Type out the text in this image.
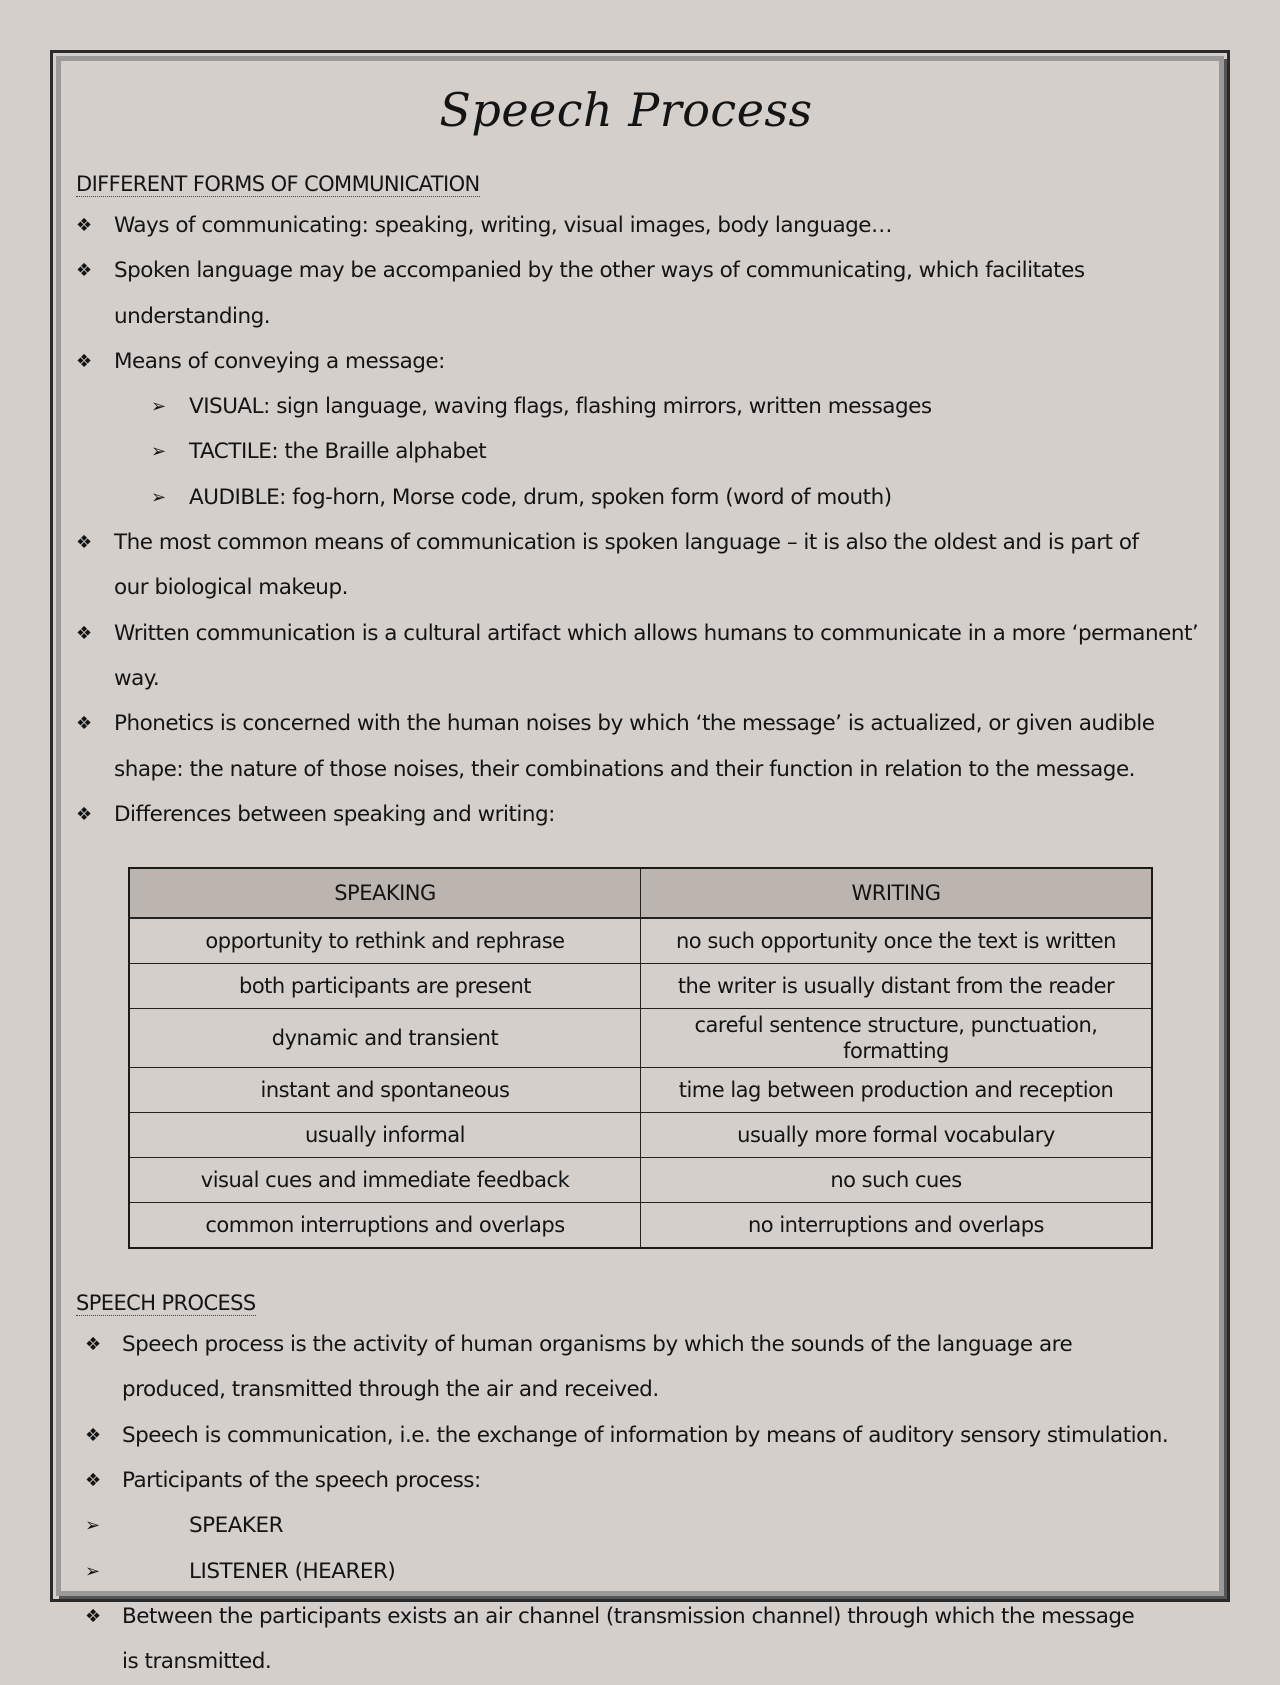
Speech Process
DIFFERENT FORMS OF COMMUNICATION
❖ Ways of communicating: speaking, writing, visual images, body language…
❖ Spoken language may be accompanied by the other ways of communicating, which facilitates understanding.
❖ Means of conveying a message:
➢ VISUAL: sign language, waving flags, flashing mirrors, written messages
➢ TACTILE: the Braille alphabet
➢ AUDIBLE: fog-horn, Morse code, drum, spoken form (word of mouth)
❖ The most common means of communication is spoken language – it is also the oldest and is part of our biological makeup.
❖ Written communication is a cultural artifact which allows humans to communicate in a more ‘permanent’ way.
❖ Phonetics is concerned with the human noises by which ‘the message’ is actualized, or given audible shape: the nature of those noises, their combinations and their function in relation to the message.
❖ Differences between speaking and writing:
SPEAKING	WRITING
opportunity to rethink and rephrase	no such opportunity once the text is written
both participants are present	the writer is usually distant from the reader
dynamic and transient	careful sentence structure, punctuation, formatting
instant and spontaneous	time lag between production and reception
usually informal	usually more formal vocabulary
visual cues and immediate feedback	no such cues
common interruptions and overlaps	no interruptions and overlaps
SPEECH PROCESS
❖ Speech process is the activity of human organisms by which the sounds of the language are produced, transmitted through the air and received.
❖ Speech is communication, i.e. the exchange of information by means of auditory sensory stimulation.
❖ Participants of the speech process:
➢	SPEAKER
➢	LISTENER (HEARER)
❖ Between the participants exists an air channel (transmission channel) through which the message is transmitted.
